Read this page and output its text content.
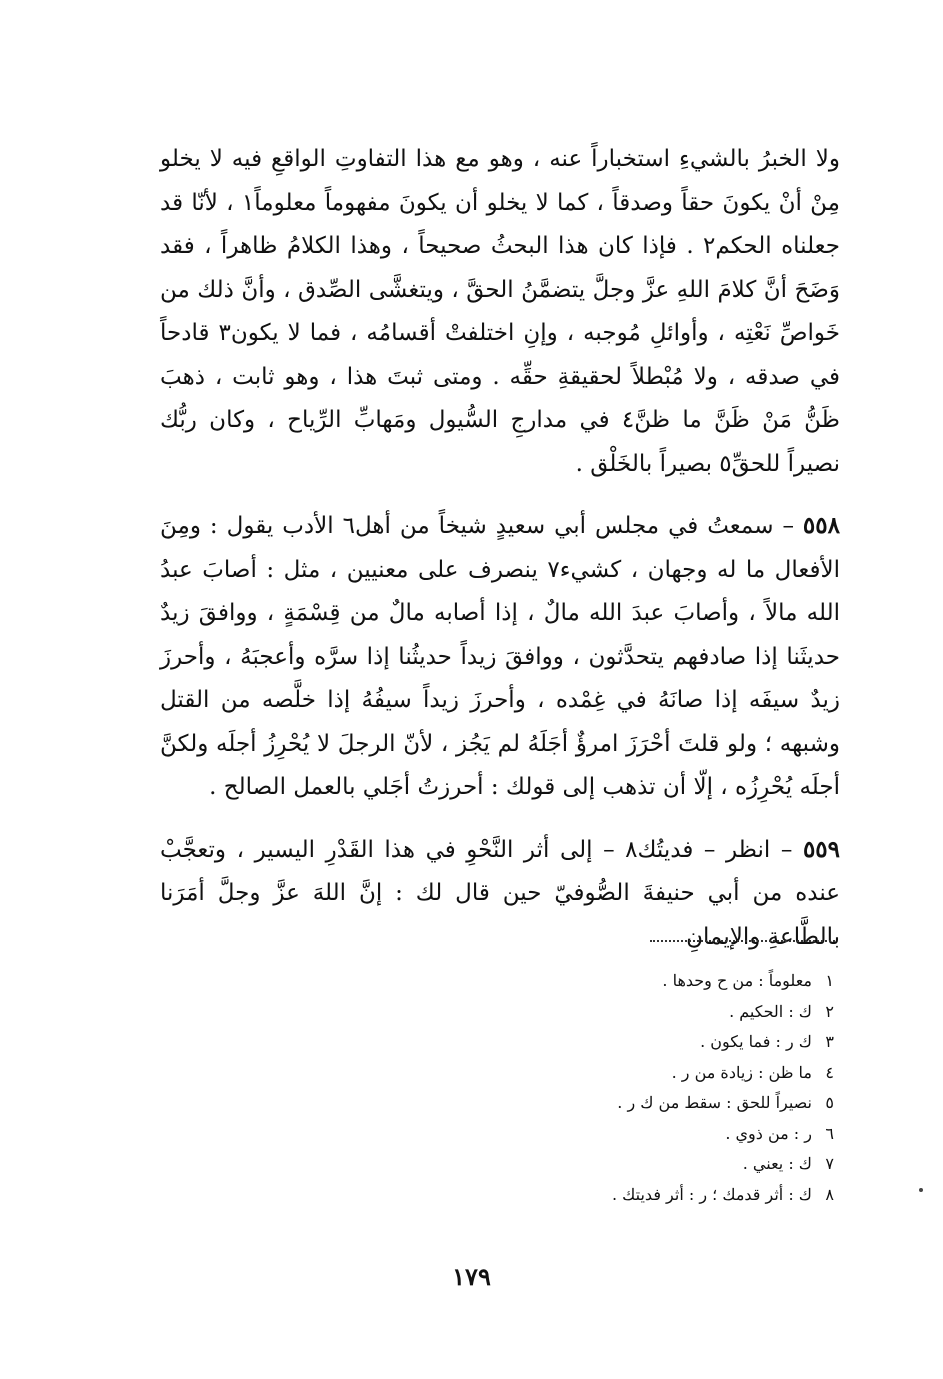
ولا الخبرُ بالشيءِ استخباراً عنه ، وهو مع هذا التفاوتِ الواقعِ فيه لا يخلو مِنْ أنْ يكونَ حقاً وصدقاً ، كما لا يخلو أن يكونَ مفهوماً معلوماً١ ، لأنّا قد جعلناه الحكم٢ . فإذا كان هذا البحثُ صحيحاً ، وهذا الكلامُ ظاهراً ، فقد وَضَحَ أنَّ كلامَ اللهِ عزَّ وجلَّ يتضمَّنُ الحقَّ ، ويتغشَّى الصِّدق ، وأنَّ ذلك من خَواصِّ نَعْتِه ، وأوائلِ مُوجبه ، وإنِ اختلفتْ أقسامُه ، فما لا يكون٣ قادحاً في صدقه ، ولا مُبْطلاً لحقيقةِ حقِّه . ومتى ثبتَ هذا ، وهو ثابت ، ذهبَ ظَنُّ مَنْ ظَنَّ ما ظنَّ٤ في مدارجِ السُّيول ومَهابِّ الرِّياح ، وكان ربُّك نصيراً للحقِّ٥ بصيراً بالخَلْق .

٥٥٨ – سمعتُ في مجلس أبي سعيدٍ شيخاً من أهل٦ الأدب يقول : ومِنَ الأفعال ما له وجهان ، كشيء٧ ينصرف على معنيين ، مثل : أصابَ عبدُ الله مالاً ، وأصابَ عبدَ الله مالٌ ، إذا أصابه مالٌ من قِسْمَةٍ ، ووافقَ زيدٌ حديثَنا إذا صادفهم يتحدَّثون ، ووافقَ زيداً حديثُنا إذا سرَّه وأعجبَهُ ، وأحرزَ زيدٌ سيفَه إذا صانَهُ في غِمْده ، وأحرزَ زيداً سيفُهُ إذا خلَّصه من القتل وشبهه ؛ ولو قلتَ أحْرَزَ امرؤٌ أجَلَهُ لم يَجُز ، لأنّ الرجلَ لا يُحْرِزُ أجلَه ولكنَّ أجلَه يُحْرِزُه ، إلّا أن تذهب إلى قولك : أحرزتُ أجَلي بالعمل الصالح .

٥٥٩ – انظر – فديتُك٨ – إلى أثر النَّحْوِ في هذا القَدْرِ اليسير ، وتعجَّبْ عنده من أبي حنيفةَ الصُّوفيّ حين قال لك : إنَّ اللهَ عزَّ وجلَّ أمَرَنا بالطَّاعةِ والإيمانِ

١معلوماً : من ح وحدها .
٢ك : الحكيم .
٣ك ر : فما يكون .
٤ما ظن : زيادة من ر .
٥نصيراً للحق : سقط من ك ر .
٦ر : من ذوي .
٧ك : يعني .
٨ك : أثر قدمك ؛ ر : أثر فديتك .
١٧٩
